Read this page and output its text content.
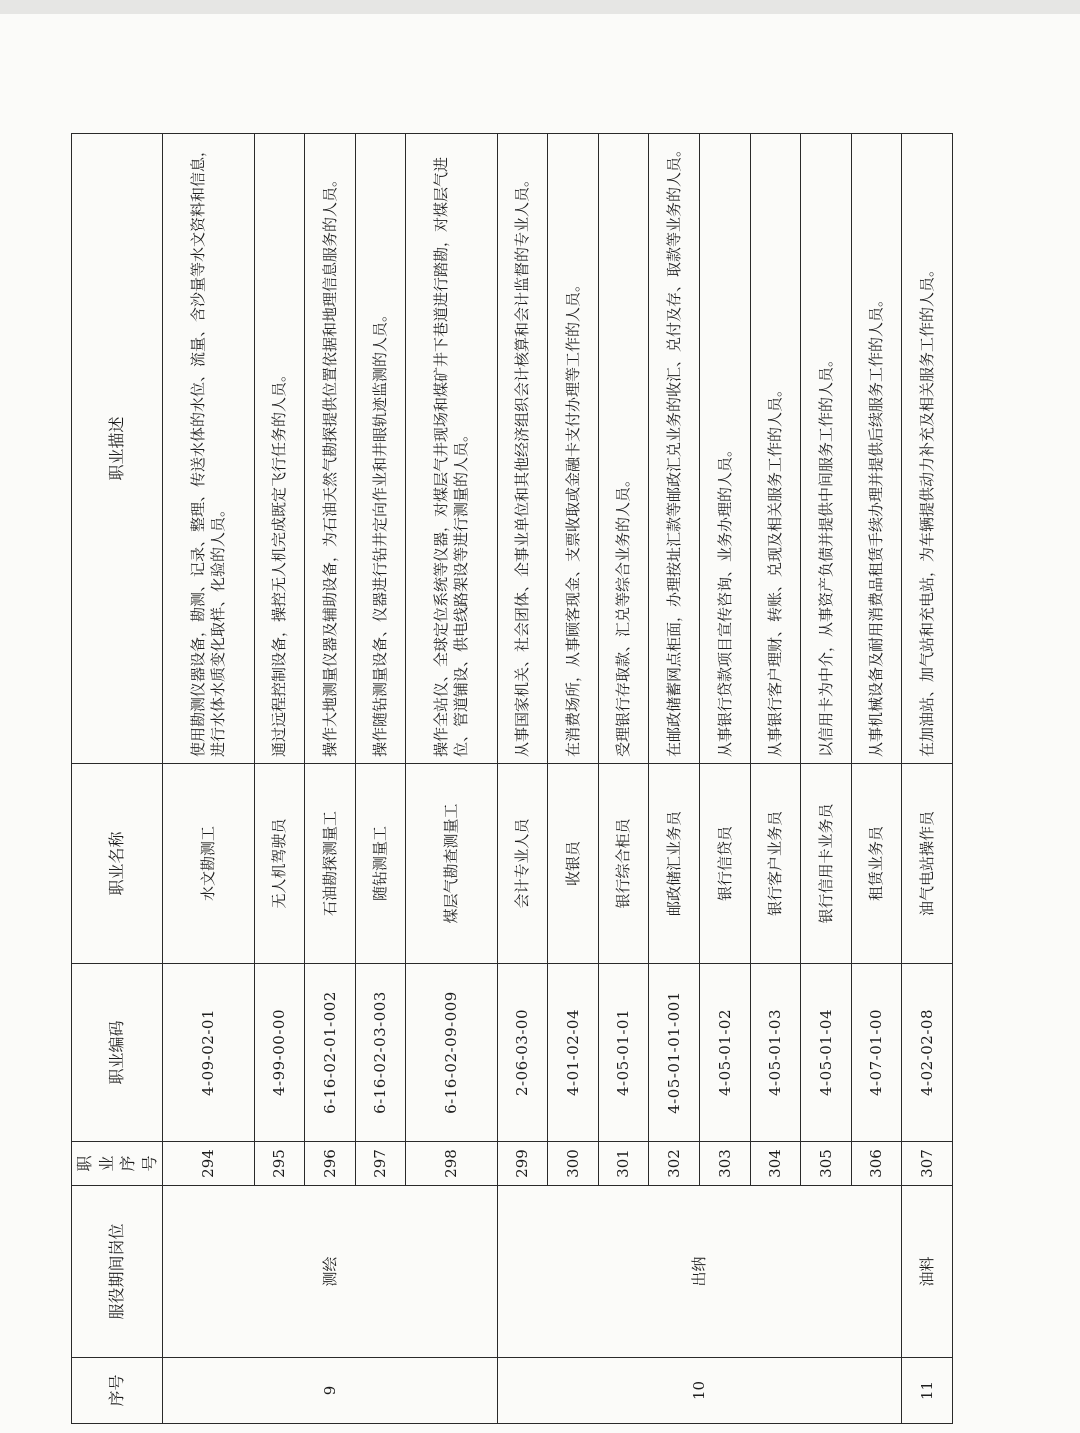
序号	服役期间岗位	职业序号	职业编码	职业名称	职业描述
9	测绘	294	4-09-02-01	水文勘测工	使用勘测仪器设备，勘测、记录、整理、传送水体的水位、流量、含沙量等水文资料和信息，进行水体水质变化取样、化验的人员。
		295	4-99-00-00	无人机驾驶员	通过远程控制设备，操控无人机完成既定飞行任务的人员。
		296	6-16-02-01-002	石油勘探测量工	操作大地测量仪器及辅助设备，为石油天然气勘探提供位置依据和地理信息服务的人员。
		297	6-16-02-03-003	随钻测量工	操作随钻测量设备、仪器进行钻井定向作业和井眼轨迹监测的人员。
		298	6-16-02-09-009	煤层气勘查测量工	操作全站仪、全球定位系统等仪器，对煤层气井现场和煤矿井下巷道进行踏勘，对煤层气进位、管道铺设、供电线路架设等进行测量的人员。
10	出纳	299	2-06-03-00	会计专业人员	从事国家机关、社会团体、企事业单位和其他经济组织会计核算和会计监督的专业人员。
		300	4-01-02-04	收银员	在消费场所，从事顾客现金、支票收取或金融卡支付办理等工作的人员。
		301	4-05-01-01	银行综合柜员	受理银行存取款、汇兑等综合业务的人员。
		302	4-05-01-01-001	邮政储汇业务员	在邮政储蓄网点柜面，办理按址汇款等邮政汇兑业务的收汇、兑付及存、取款等业务的人员。
		303	4-05-01-02	银行信贷员	从事银行贷款项目宣传咨询、业务办理的人员。
		304	4-05-01-03	银行客户业务员	从事银行客户理财、转账、兑现及相关服务工作的人员。
		305	4-05-01-04	银行信用卡业务员	以信用卡为中介，从事资产负债并提供中间服务工作的人员。
		306	4-07-01-00	租赁业务员	从事机械设备及耐用消费品租赁手续办理并提供后续服务工作的人员。
11	油料	307	4-02-02-08	油气电站操作员	在加油站、加气站和充电站，为车辆提供动力补充及相关服务工作的人员。
